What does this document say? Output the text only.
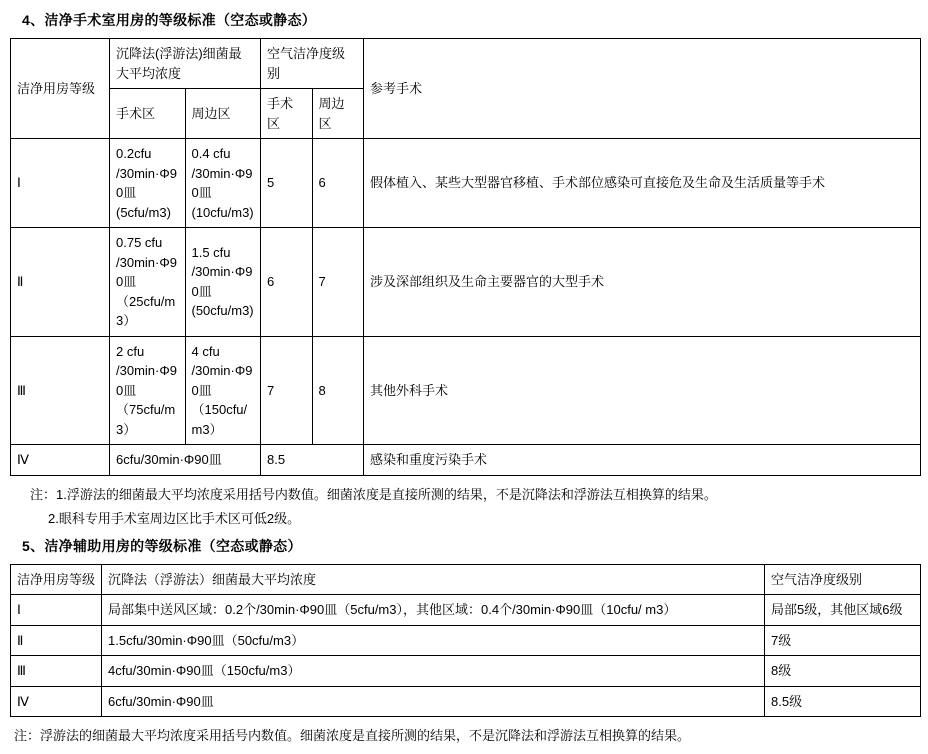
4、洁净手术室用房的等级标准（空态或静态）
洁净用房等级	沉降法(浮游法)细菌最大平均浓度		空气洁净度级别		参考手术
	手术区	周边区	手术区	周边区	
Ⅰ	0.2cfu /30min·Φ90皿(5cfu/m3)	0.4 cfu /30min·Φ90皿(10cfu/m3)	5	6	假体植入、某些大型器官移植、手术部位感染可直接危及生命及生活质量等手术
Ⅱ	0.75 cfu /30min·Φ90皿（25cfu/m3）	1.5 cfu /30min·Φ90皿(50cfu/m3)	6	7	涉及深部组织及生命主要器官的大型手术
Ⅲ	2 cfu /30min·Φ90皿（75cfu/m3）	4 cfu /30min·Φ90皿（150cfu/m3）	7	8	其他外科手术
Ⅳ	6cfu/30min·Φ90皿		8.5		感染和重度污染手术
注：1.浮游法的细菌最大平均浓度采用括号内数值。细菌浓度是直接所测的结果，不是沉降法和浮游法互相换算的结果。
2.眼科专用手术室周边区比手术区可低2级。
5、洁净辅助用房的等级标准（空态或静态）
洁净用房等级	沉降法（浮游法）细菌最大平均浓度	空气洁净度级别
Ⅰ	局部集中送风区域：0.2个/30min·Φ90皿（5cfu/m3），其他区域：0.4个/30min·Φ90皿（10cfu/ m3）	局部5级，其他区域6级
Ⅱ	1.5cfu/30min·Φ90皿（50cfu/m3）	7级
Ⅲ	4cfu/30min·Φ90皿（150cfu/m3）	8级
Ⅳ	6cfu/30min·Φ90皿	8.5级
注：浮游法的细菌最大平均浓度采用括号内数值。细菌浓度是直接所测的结果，不是沉降法和浮游法互相换算的结果。
